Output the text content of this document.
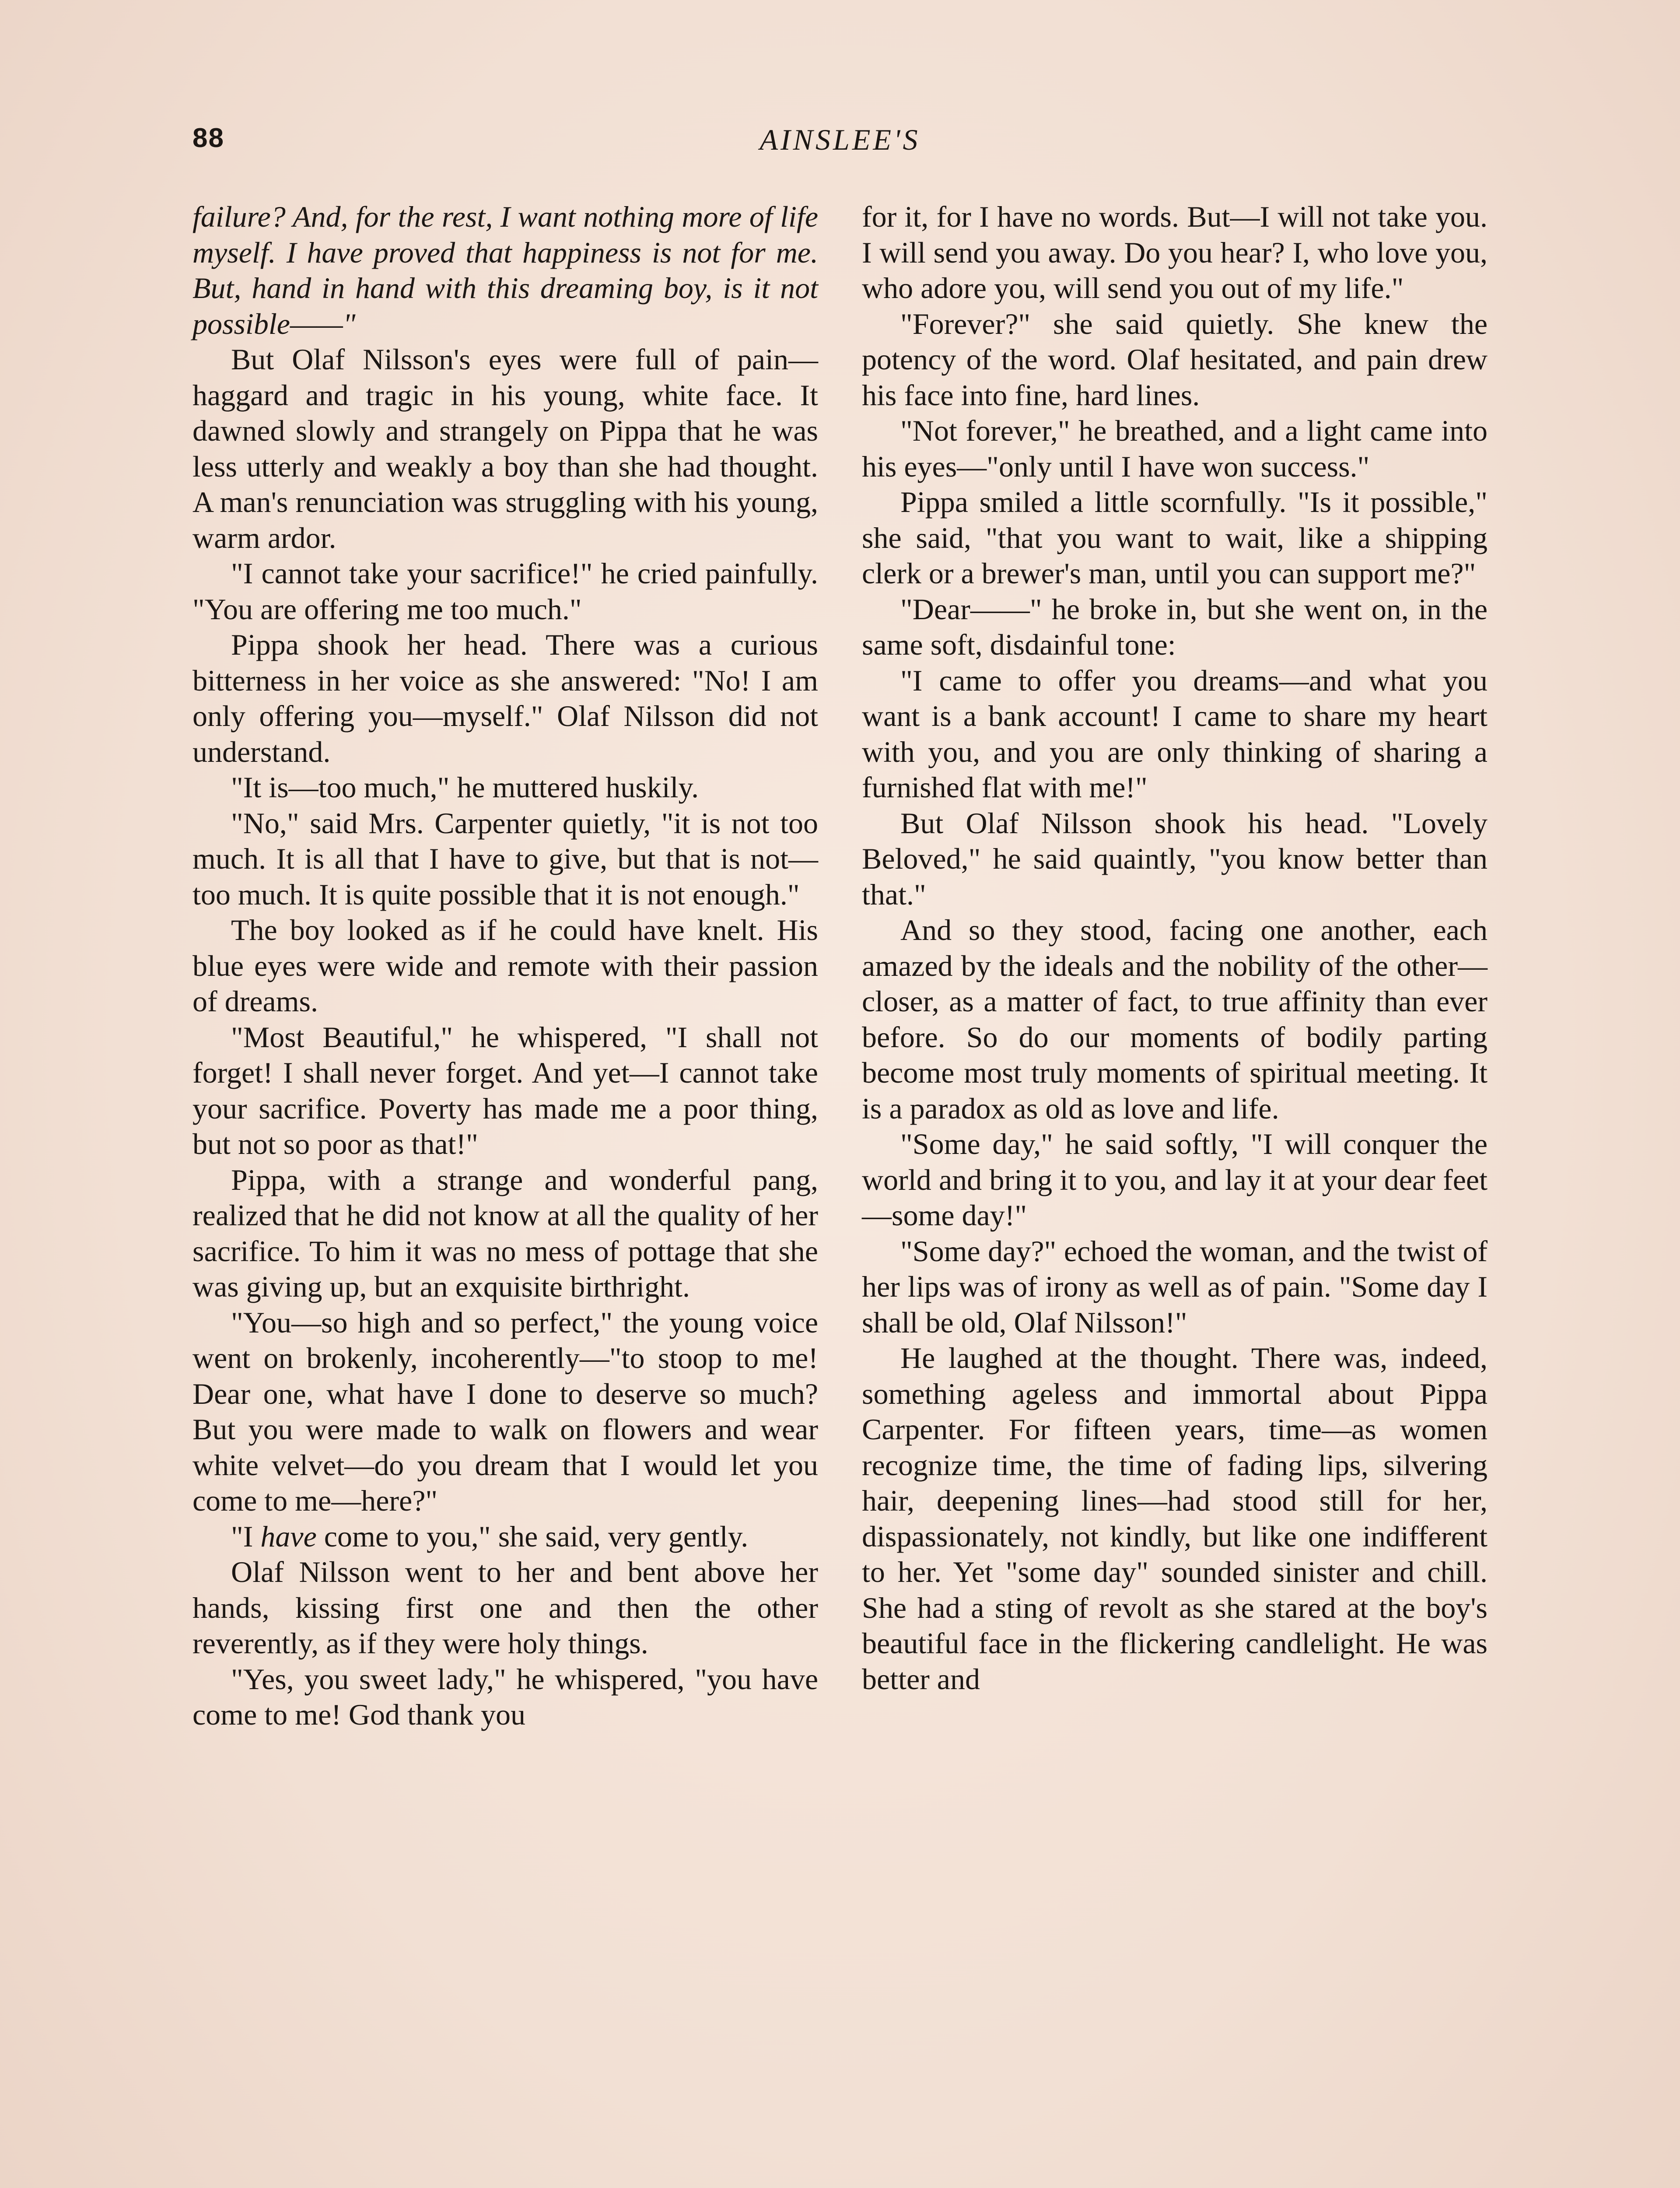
88	AINSLEE'S

failure? And, for the rest, I want nothing more of life myself. I have proved that happiness is not for me. But, hand in hand with this dreaming boy, is it not possible——"

But Olaf Nilsson's eyes were full of pain—haggard and tragic in his young, white face. It dawned slowly and strangely on Pippa that he was less utterly and weakly a boy than she had thought. A man's renunciation was struggling with his young, warm ardor.

"I cannot take your sacrifice!" he cried painfully. "You are offering me too much."

Pippa shook her head. There was a curious bitterness in her voice as she answered: "No! I am only offering you—myself." Olaf Nilsson did not understand.

"It is—too much," he muttered huskily.

"No," said Mrs. Carpenter quietly, "it is not too much. It is all that I have to give, but that is not—too much. It is quite possible that it is not enough."

The boy looked as if he could have knelt. His blue eyes were wide and remote with their passion of dreams.

"Most Beautiful," he whispered, "I shall not forget! I shall never forget. And yet—I cannot take your sacrifice. Poverty has made me a poor thing, but not so poor as that!"

Pippa, with a strange and wonderful pang, realized that he did not know at all the quality of her sacrifice. To him it was no mess of pottage that she was giving up, but an exquisite birthright.

"You—so high and so perfect," the young voice went on brokenly, incoherently—"to stoop to me! Dear one, what have I done to deserve so much? But you were made to walk on flowers and wear white velvet—do you dream that I would let you come to me—here?"

"I have come to you," she said, very gently.

Olaf Nilsson went to her and bent above her hands, kissing first one and then the other reverently, as if they were holy things.

"Yes, you sweet lady," he whispered, "you have come to me! God thank you

for it, for I have no words. But—I will not take you. I will send you away. Do you hear? I, who love you, who adore you, will send you out of my life."

"Forever?" she said quietly. She knew the potency of the word. Olaf hesitated, and pain drew his face into fine, hard lines.

"Not forever," he breathed, and a light came into his eyes—"only until I have won success."

Pippa smiled a little scornfully. "Is it possible," she said, "that you want to wait, like a shipping clerk or a brewer's man, until you can support me?"

"Dear——" he broke in, but she went on, in the same soft, disdainful tone:

"I came to offer you dreams—and what you want is a bank account! I came to share my heart with you, and you are only thinking of sharing a furnished flat with me!"

But Olaf Nilsson shook his head. "Lovely Beloved," he said quaintly, "you know better than that."

And so they stood, facing one another, each amazed by the ideals and the nobility of the other—closer, as a matter of fact, to true affinity than ever before. So do our moments of bodily parting become most truly moments of spiritual meeting. It is a paradox as old as love and life.

"Some day," he said softly, "I will conquer the world and bring it to you, and lay it at your dear feet—some day!"

"Some day?" echoed the woman, and the twist of her lips was of irony as well as of pain. "Some day I shall be old, Olaf Nilsson!"

He laughed at the thought. There was, indeed, something ageless and immortal about Pippa Carpenter. For fifteen years, time—as women recognize time, the time of fading lips, silvering hair, deepening lines—had stood still for her, dispassionately, not kindly, but like one indifferent to her. Yet "some day" sounded sinister and chill. She had a sting of revolt as she stared at the boy's beautiful face in the flickering candlelight. He was better and
